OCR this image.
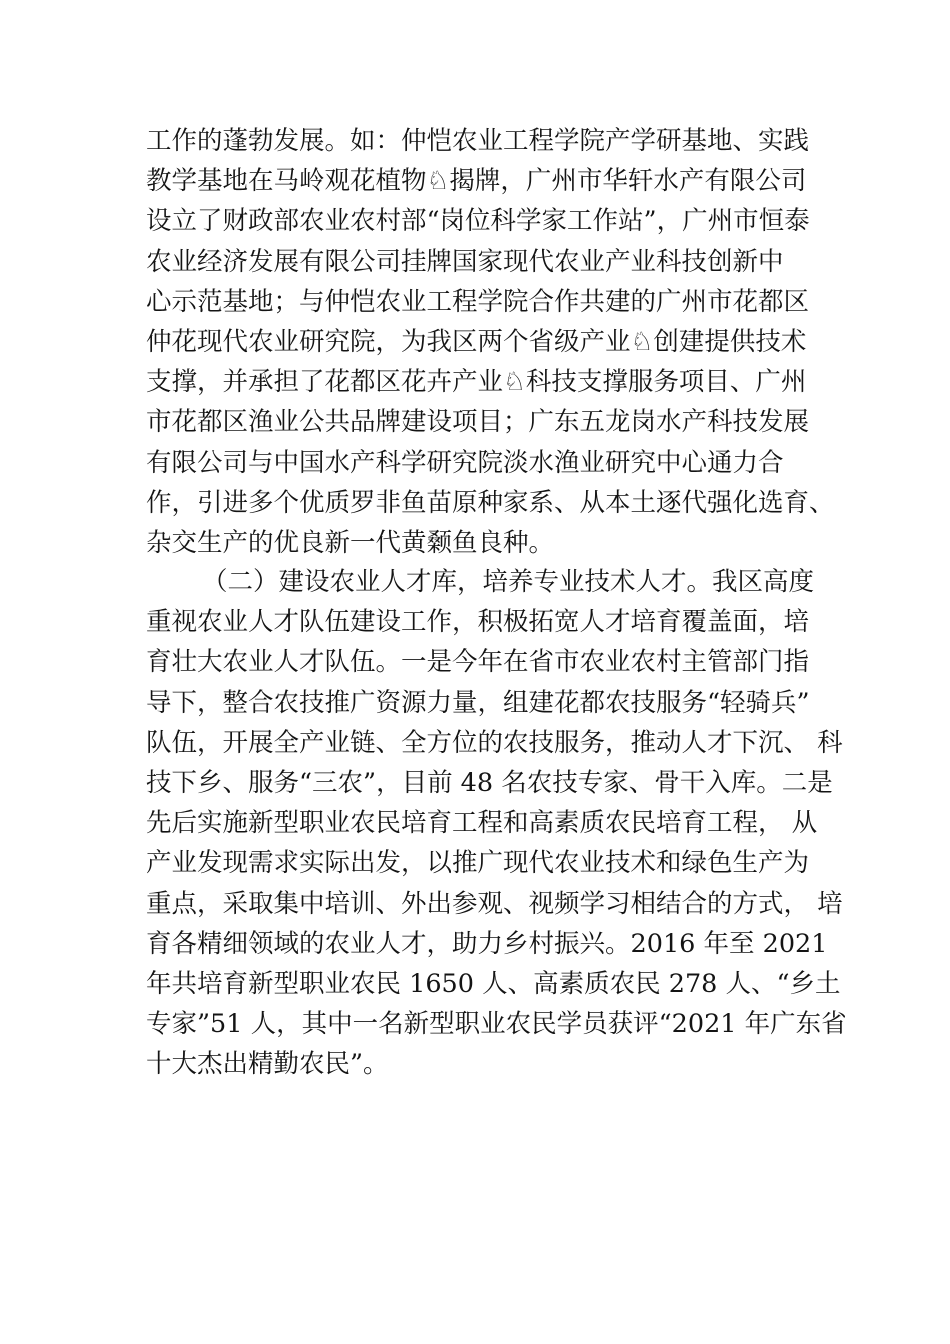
工作的蓬勃发展。如：仲恺农业工程学院产学研基地、实践
教学基地在马岭观花植物♘揭牌，广州市华轩水产有限公司
设立了财政部农业农村部“岗位科学家工作站”，广州市恒泰
农业经济发展有限公司挂牌国家现代农业产业科技创新中
心示范基地；与仲恺农业工程学院合作共建的广州市花都区
仲花现代农业研究院，为我区两个省级产业♘创建提供技术
支撑，并承担了花都区花卉产业♘科技支撑服务项目、广州
市花都区渔业公共品牌建设项目；广东五龙岗水产科技发展
有限公司与中国水产科学研究院淡水渔业研究中心通力合
作，引进多个优质罗非鱼苗原种家系、从本土逐代强化选育、
杂交生产的优良新一代黄颡鱼良种。
（二）建设农业人才库，培养专业技术人才。我区高度
重视农业人才队伍建设工作，积极拓宽人才培育覆盖面，培
育壮大农业人才队伍。一是今年在省市农业农村主管部门指
导下，整合农技推广资源力量，组建花都农技服务“轻骑兵”
队伍，开展全产业链、全方位的农技服务，推动人才下沉、 科
技下乡、服务“三农”，目前 48 名农技专家、骨干入库。二是
先后实施新型职业农民培育工程和高素质农民培育工程， 从
产业发现需求实际出发，以推广现代农业技术和绿色生产为
重点，采取集中培训、外出参观、视频学习相结合的方式， 培
育各精细领域的农业人才，助力乡村振兴。2016 年至 2021
年共培育新型职业农民 1650 人、高素质农民 278 人、“乡土
专家”51 人，其中一名新型职业农民学员获评“2021 年广东省
十大杰出精勤农民”。
